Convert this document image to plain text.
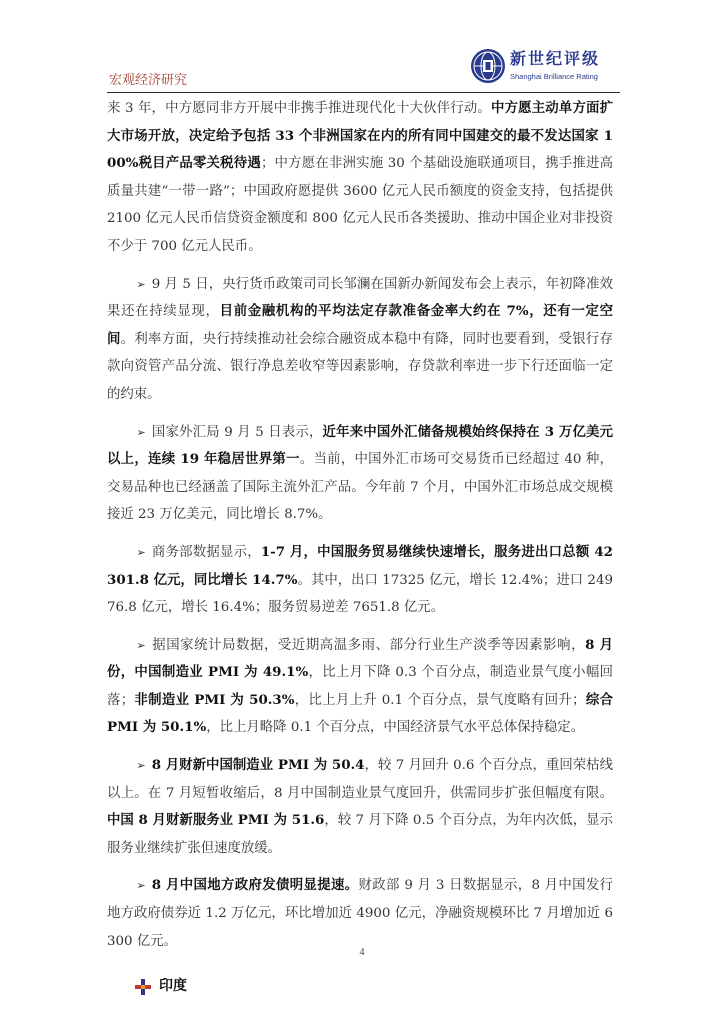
宏观经济研究
新世纪评级
Shanghai Brilliance Rating

来 3 年，中方愿同非方开展中非携手推进现代化十大伙伴行动。中方愿主动单方面扩大市场开放，决定给予包括 33 个非洲国家在内的所有同中国建交的最不发达国家 100%税目产品零关税待遇；中方愿在非洲实施 30 个基础设施联通项目，携手推进高质量共建“一带一路”；中国政府愿提供 3600 亿元人民币额度的资金支持，包括提供 2100 亿元人民币信贷资金额度和 800 亿元人民币各类援助、推动中国企业对非投资不少于 700 亿元人民币。

➢ 9 月 5 日，央行货币政策司司长邹澜在国新办新闻发布会上表示，年初降准效果还在持续显现，目前金融机构的平均法定存款准备金率大约在 7%，还有一定空间。利率方面，央行持续推动社会综合融资成本稳中有降，同时也要看到，受银行存款向资管产品分流、银行净息差收窄等因素影响，存贷款利率进一步下行还面临一定的约束。

➢ 国家外汇局 9 月 5 日表示，近年来中国外汇储备规模始终保持在 3 万亿美元以上，连续 19 年稳居世界第一。当前，中国外汇市场可交易货币已经超过 40 种，交易品种也已经涵盖了国际主流外汇产品。今年前 7 个月，中国外汇市场总成交规模接近 23 万亿美元，同比增长 8.7%。

➢ 商务部数据显示，1-7 月，中国服务贸易继续快速增长，服务进出口总额 42301.8 亿元，同比增长 14.7%。其中，出口 17325 亿元，增长 12.4%；进口 24976.8 亿元，增长 16.4%；服务贸易逆差 7651.8 亿元。

➢ 据国家统计局数据，受近期高温多雨、部分行业生产淡季等因素影响，8 月份，中国制造业 PMI 为 49.1%，比上月下降 0.3 个百分点，制造业景气度小幅回落；非制造业 PMI 为 50.3%，比上月上升 0.1 个百分点，景气度略有回升；综合 PMI 为 50.1%，比上月略降 0.1 个百分点，中国经济景气水平总体保持稳定。

➢ 8 月财新中国制造业 PMI 为 50.4，较 7 月回升 0.6 个百分点，重回荣枯线以上。在 7 月短暂收缩后，8 月中国制造业景气度回升，供需同步扩张但幅度有限。中国 8 月财新服务业 PMI 为 51.6，较 7 月下降 0.5 个百分点，为年内次低，显示服务业继续扩张但速度放缓。

➢ 8 月中国地方政府发债明显提速。财政部 9 月 3 日数据显示，8 月中国发行地方政府债券近 1.2 万亿元，环比增加近 4900 亿元，净融资规模环比 7 月增加近 6300 亿元。

印度
4
